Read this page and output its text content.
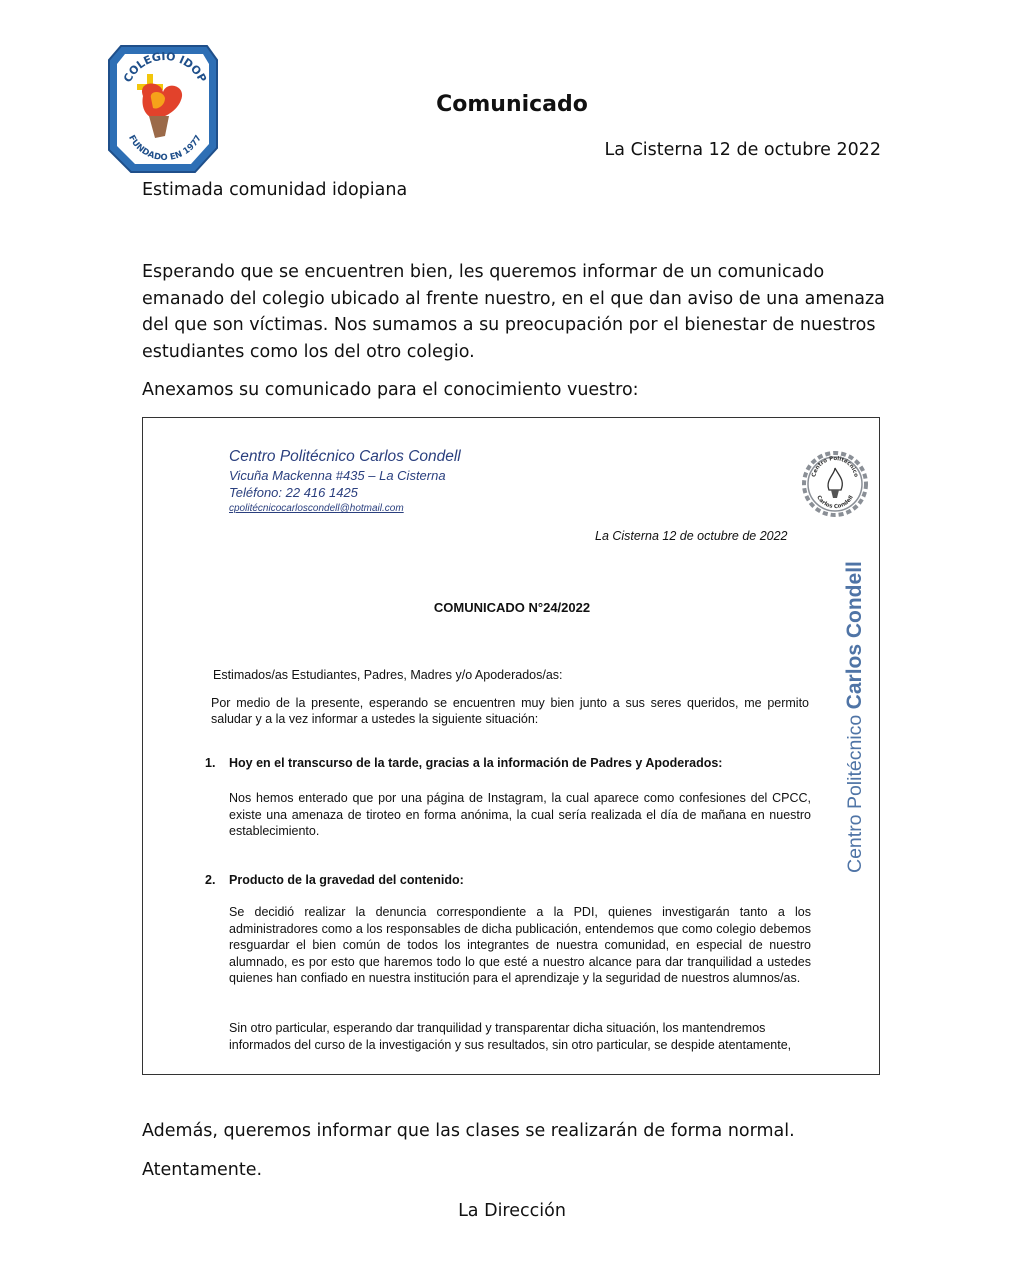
COLEGIO IDOP
FUNDADO EN 1977
Comunicado
La Cisterna 12 de octubre 2022
Estimada comunidad idopiana
Esperando que se encuentren bien, les queremos informar de un comunicado emanado del colegio ubicado al frente nuestro, en el que dan aviso de una amenaza del que son víctimas. Nos sumamos a su preocupación por el bienestar de nuestros estudiantes como los del otro colegio.
Anexamos su comunicado para el conocimiento vuestro:
Centro Politécnico Carlos Condell
Vicuña Mackenna #435 – La Cisterna
Teléfono: 22 416 1425
cpolitécnicocarloscondell@hotmail.com
Centro Politécnico
Carlos Condell
La Cisterna 12 de octubre de 2022
COMUNICADO N°24/2022
Estimados/as Estudiantes, Padres, Madres y/o Apoderados/as:
Por medio de la presente, esperando se encuentren muy bien junto a sus seres queridos, me permito saludar y a la vez informar a ustedes la siguiente situación:
1. Hoy en el transcurso de la tarde, gracias a la información de Padres y Apoderados:
Nos hemos enterado que por una página de Instagram, la cual aparece como confesiones del CPCC, existe una amenaza de tiroteo en forma anónima, la cual sería realizada el día de mañana en nuestro establecimiento.
2. Producto de la gravedad del contenido:
Se decidió realizar la denuncia correspondiente a la PDI, quienes investigarán tanto a los administradores como a los responsables de dicha publicación, entendemos que como colegio debemos resguardar el bien común de todos los integrantes de nuestra comunidad, en especial de nuestro alumnado, es por esto que haremos todo lo que esté a nuestro alcance para dar tranquilidad a ustedes quienes han confiado en nuestra institución para el aprendizaje y la seguridad de nuestros alumnos/as.
Sin otro particular, esperando dar tranquilidad y transparentar dicha situación, los mantendremos informados del curso de la investigación y sus resultados, sin otro particular, se despide atentamente,
Centro Politécnico Carlos Condell
Además, queremos informar que las clases se realizarán de forma normal.
Atentamente.
La Dirección
